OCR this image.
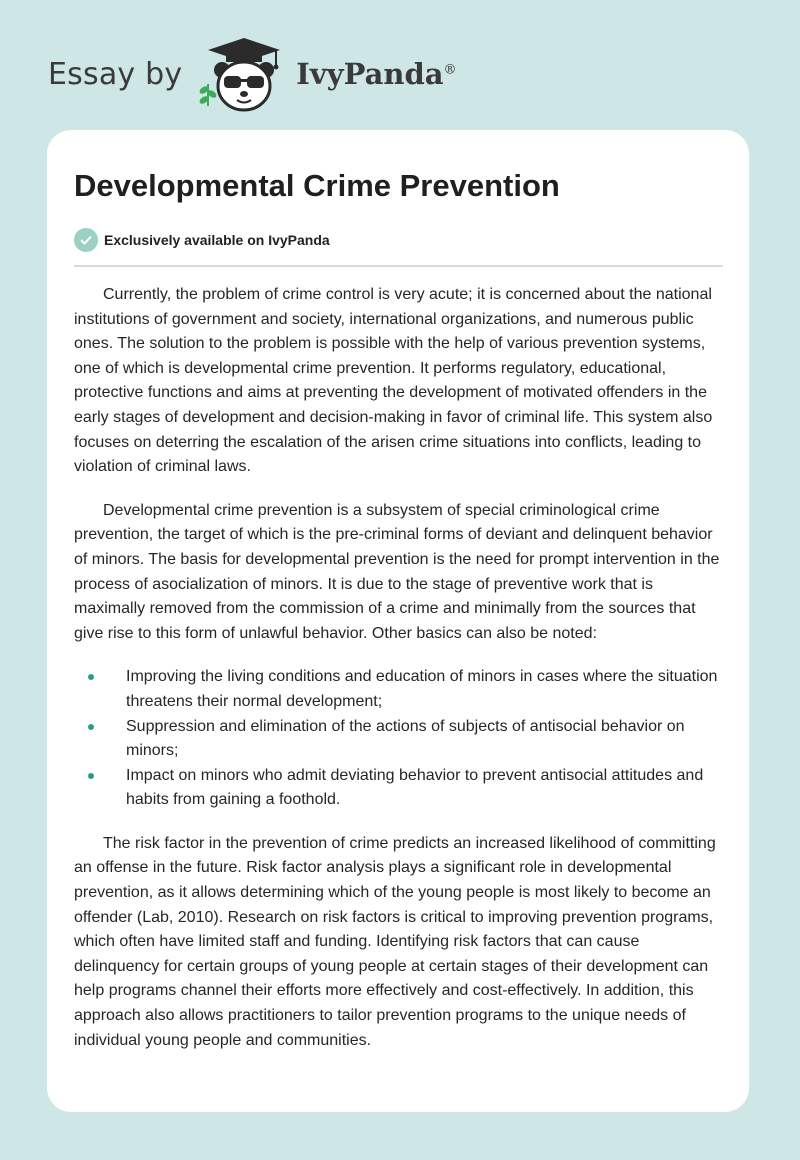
Essay by	IvyPanda®
Developmental Crime Prevention
Exclusively available on IvyPanda

Currently, the problem of crime control is very acute; it is concerned about the national institutions of government and society, international organizations, and numerous public ones. The solution to the problem is possible with the help of various prevention systems, one of which is developmental crime prevention. It performs regulatory, educational, protective functions and aims at preventing the development of motivated offenders in the early stages of development and decision-making in favor of criminal life. This system also focuses on deterring the escalation of the arisen crime situations into conflicts, leading to violation of criminal laws.

Developmental crime prevention is a subsystem of special criminological crime prevention, the target of which is the pre-criminal forms of deviant and delinquent behavior of minors. The basis for developmental prevention is the need for prompt intervention in the process of asocialization of minors. It is due to the stage of preventive work that is maximally removed from the commission of a crime and minimally from the sources that give rise to this form of unlawful behavior. Other basics can also be noted:

Improving the living conditions and education of minors in cases where the situation threatens their normal development;
Suppression and elimination of the actions of subjects of antisocial behavior on minors;
Impact on minors who admit deviating behavior to prevent antisocial attitudes and habits from gaining a foothold.

The risk factor in the prevention of crime predicts an increased likelihood of committing an offense in the future. Risk factor analysis plays a significant role in developmental prevention, as it allows determining which of the young people is most likely to become an offender (Lab, 2010). Research on risk factors is critical to improving prevention programs, which often have limited staff and funding. Identifying risk factors that can cause delinquency for certain groups of young people at certain stages of their development can help programs channel their efforts more effectively and cost-effectively. In addition, this approach also allows practitioners to tailor prevention programs to the unique needs of individual young people and communities.
